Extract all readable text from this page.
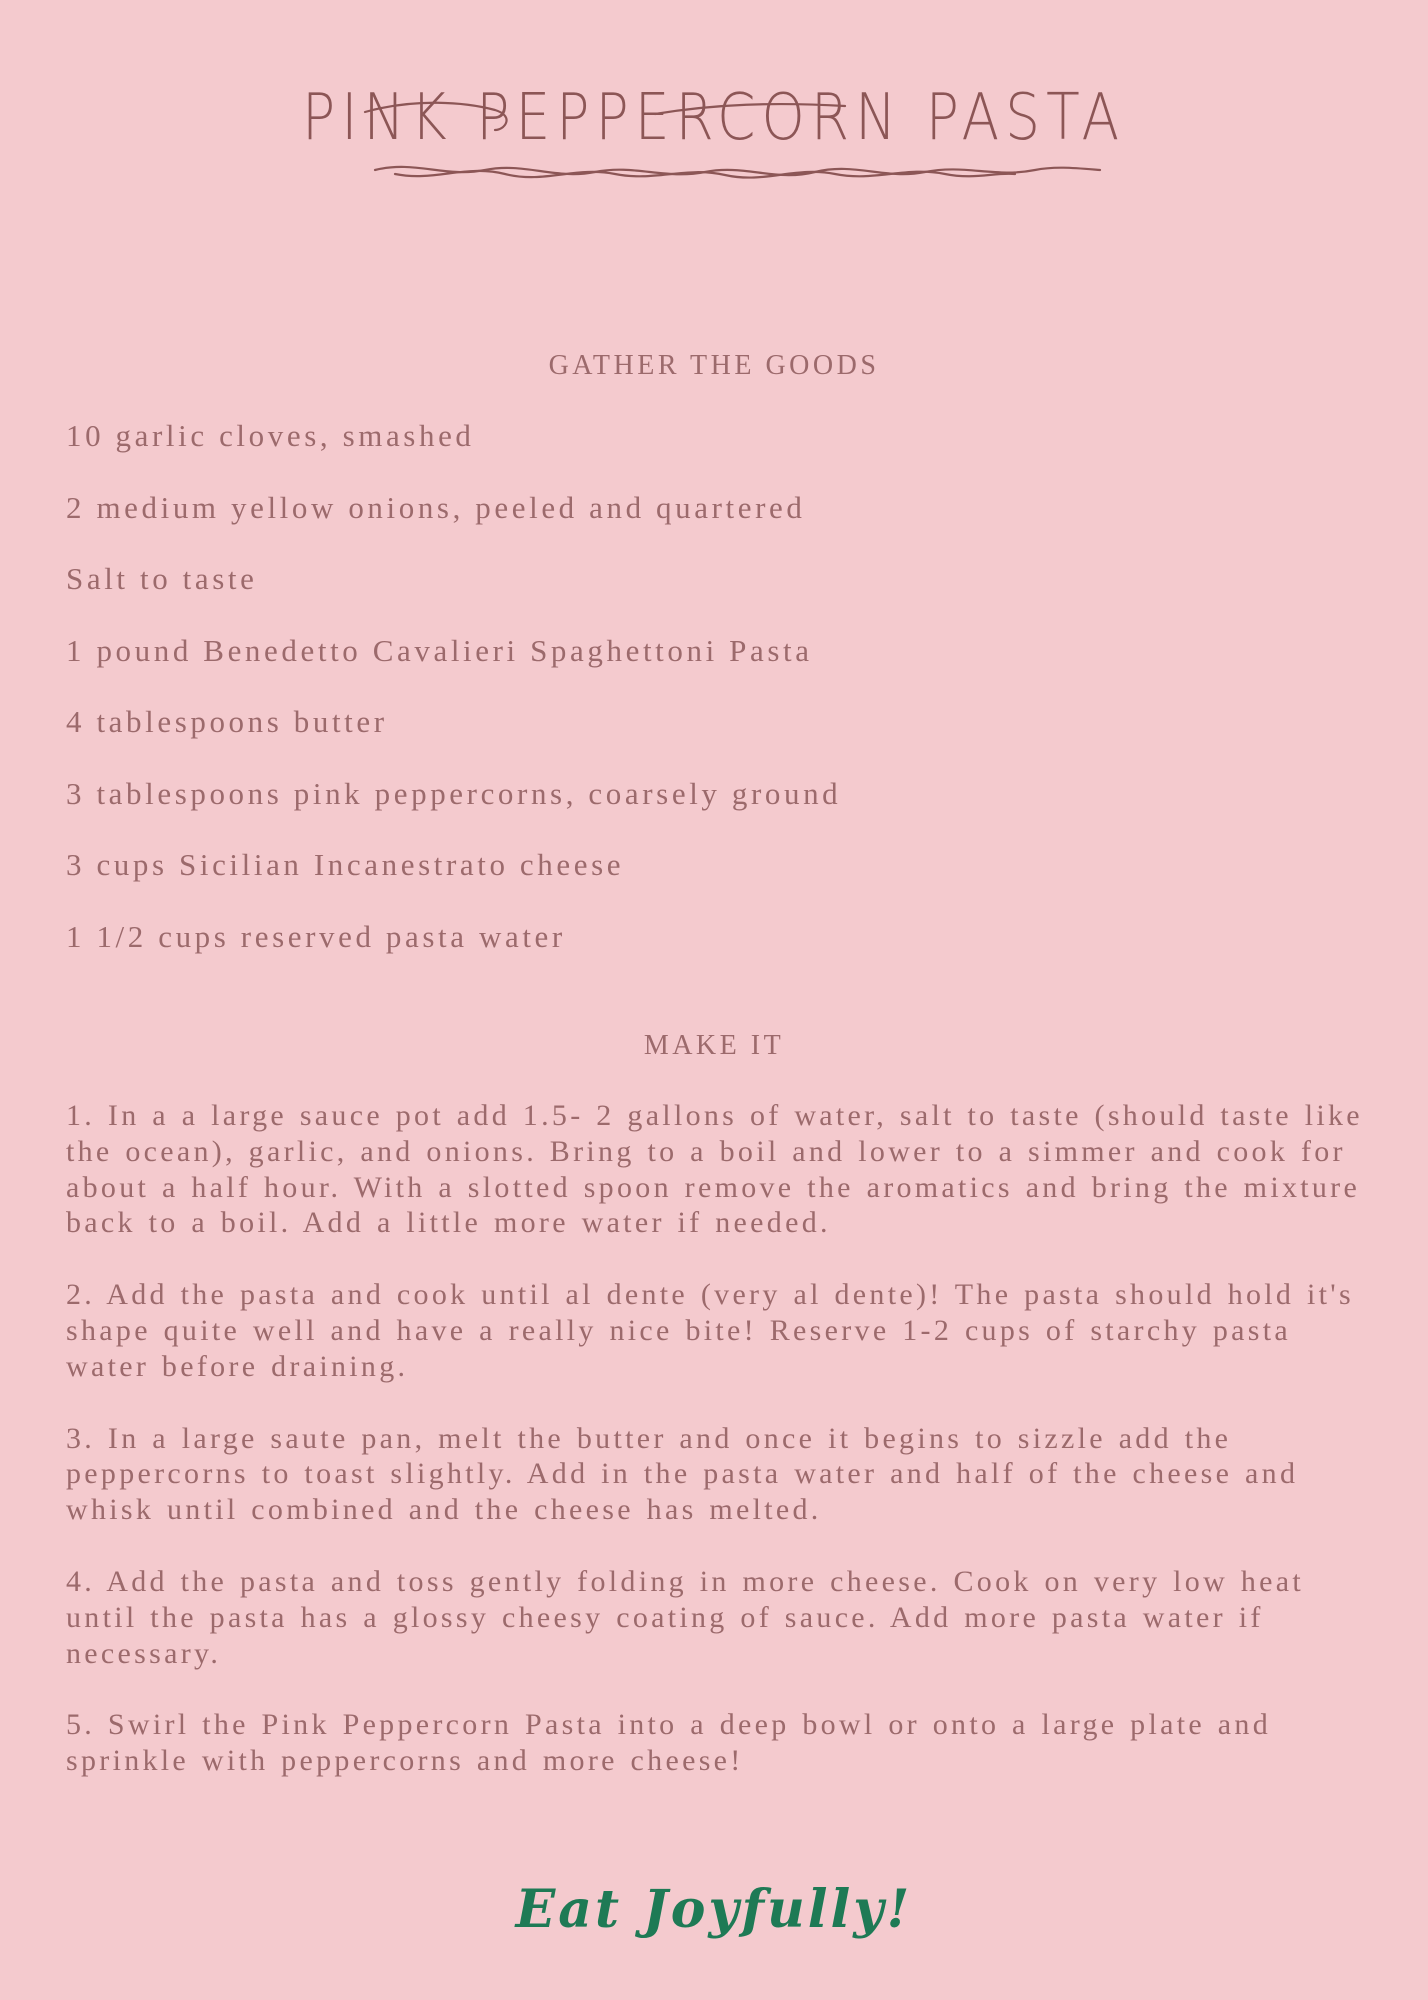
PINK PEPPERCORN PASTA
GATHER THE GOODS
10 garlic cloves, smashed
2 medium yellow onions, peeled and quartered
Salt to taste
1 pound Benedetto Cavalieri Spaghettoni Pasta
4 tablespoons butter
3 tablespoons pink peppercorns, coarsely ground
3 cups Sicilian Incanestrato cheese
1 1/2 cups reserved pasta water
MAKE IT

1. In a a large sauce pot add 1.5- 2 gallons of water, salt to taste (should taste like the ocean), garlic, and onions. Bring to a boil and lower to a simmer and cook for about a half hour. With a slotted spoon remove the aromatics and bring the mixture back to a boil. Add a little more water if needed.

2. Add the pasta and cook until al dente (very al dente)! The pasta should hold it's shape quite well and have a really nice bite! Reserve 1-2 cups of starchy pasta water before draining.

3. In a large saute pan, melt the butter and once it begins to sizzle add the peppercorns to toast slightly. Add in the pasta water and half of the cheese and whisk until combined and the cheese has melted.

4. Add the pasta and toss gently folding in more cheese. Cook on very low heat until the pasta has a glossy cheesy coating of sauce. Add more pasta water if necessary.

5. Swirl the Pink Peppercorn Pasta into a deep bowl or onto a large plate and sprinkle with peppercorns and more cheese!

Eat Joyfully!
